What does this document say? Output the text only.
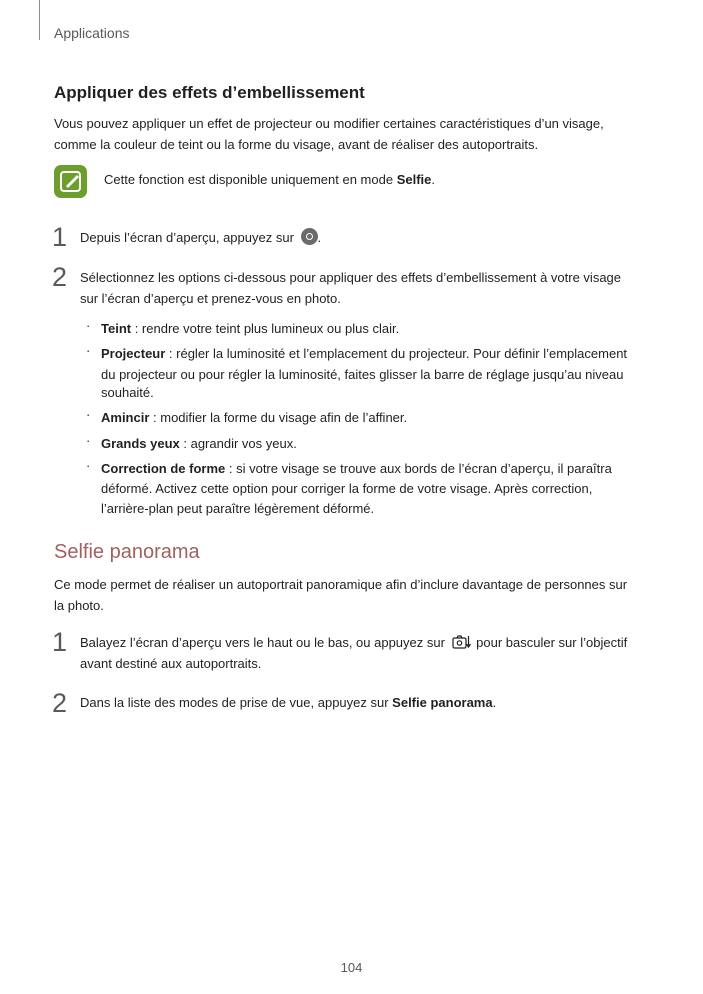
Applications
Appliquer des effets d’embellissement

Vous pouvez appliquer un effet de projecteur ou modifier certaines caractéristiques d’un visage,

comme la couleur de teint ou la forme du visage, avant de réaliser des autoportraits.

Cette fonction est disponible uniquement en mode Selfie.
1 Depuis l’écran d’aperçu, appuyez sur .
2 Sélectionnez les options ci-dessous pour appliquer des effets d’embellissement à votre visage
sur l’écran d’aperçu et prenez-vous en photo.
· Teint : rendre votre teint plus lumineux ou plus clair.
· Projecteur : régler la luminosité et l’emplacement du projecteur. Pour définir l’emplacement
du projecteur ou pour régler la luminosité, faites glisser la barre de réglage jusqu’au niveau
souhaité.
· Amincir : modifier la forme du visage afin de l’affiner.
· Grands yeux : agrandir vos yeux.
· Correction de forme : si votre visage se trouve aux bords de l’écran d’aperçu, il paraîtra
déformé. Activez cette option pour corriger la forme de votre visage. Après correction,
l’arrière-plan peut paraître légèrement déformé.
Selfie panorama

Ce mode permet de réaliser un autoportrait panoramique afin d’inclure davantage de personnes sur

la photo.

1 Balayez l’écran d’aperçu vers le haut ou le bas, ou appuyez sur  pour basculer sur l’objectif
avant destiné aux autoportraits.
2 Dans la liste des modes de prise de vue, appuyez sur Selfie panorama.
104
